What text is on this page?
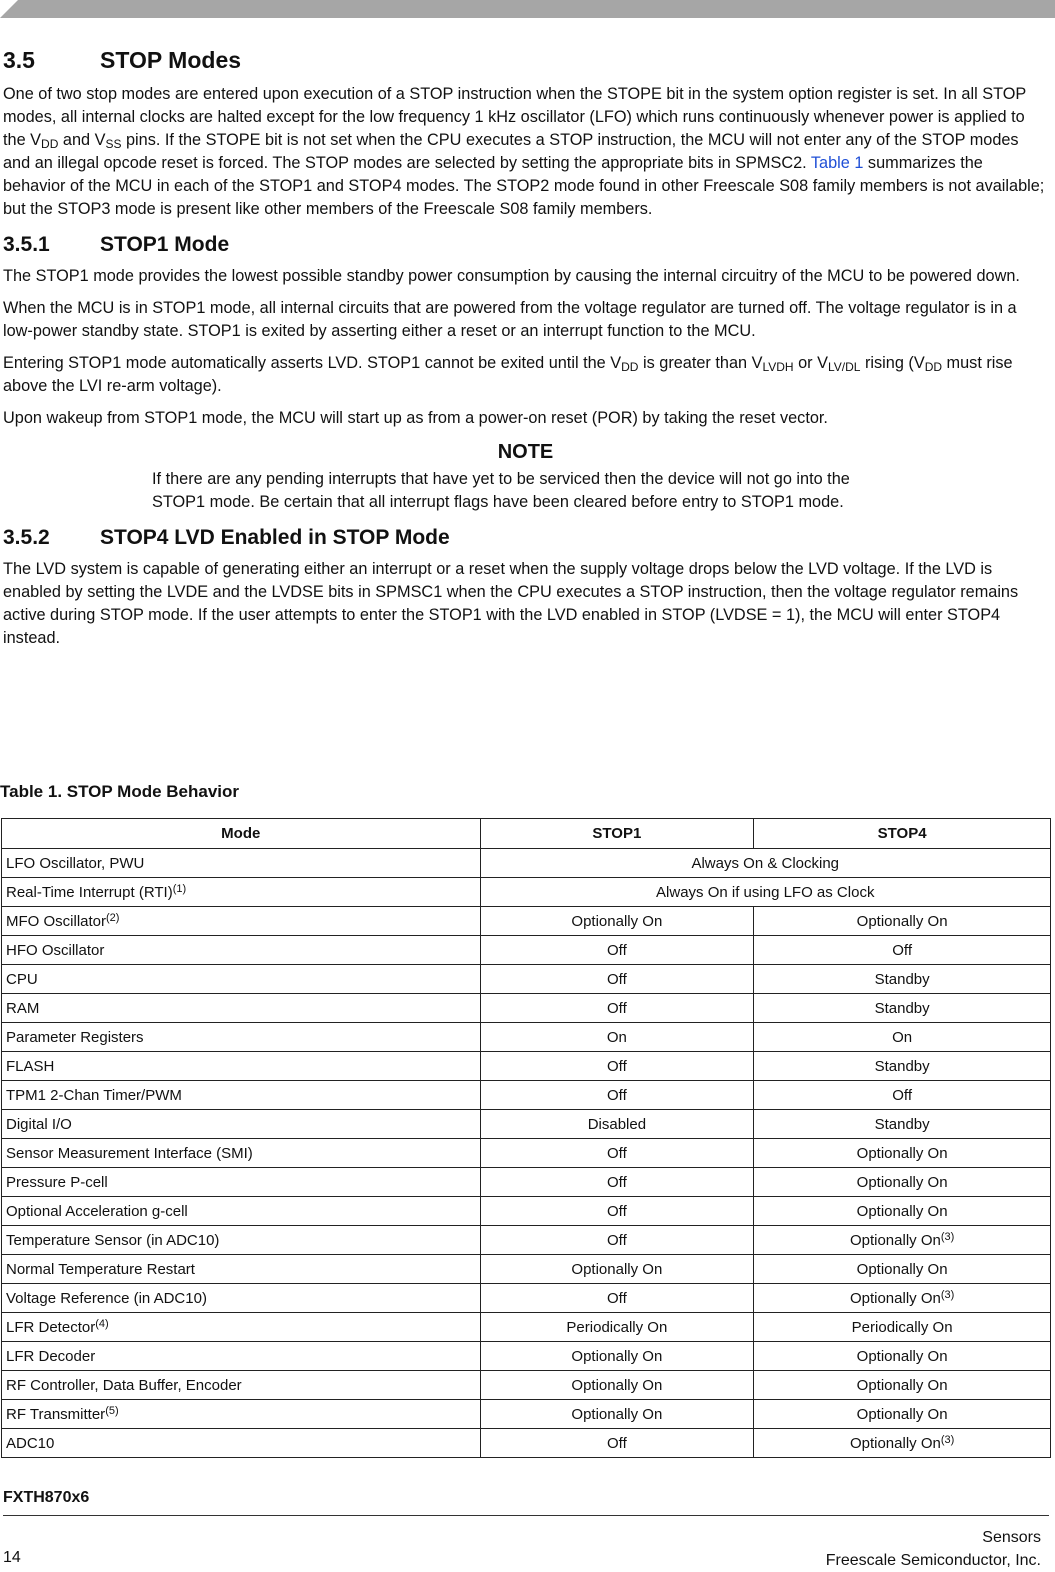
3.5	STOP Modes

One of two stop modes are entered upon execution of a STOP instruction when the STOPE bit in the system option register is set. In all STOP modes, all internal clocks are halted except for the low frequency 1 kHz oscillator (LFO) which runs continuously whenever power is applied to the $V_{DD}$ and $V_{SS}$ pins. If the STOPE bit is not set when the CPU executes a STOP instruction, the MCU will not enter any of the STOP modes and an illegal opcode reset is forced. The STOP modes are selected by setting the appropriate bits in SPMSC2. Table 1 summarizes the behavior of the MCU in each of the STOP1 and STOP4 modes. The STOP2 mode found in other Freescale S08 family members is not available; but the STOP3 mode is present like other members of the Freescale S08 family members.

3.5.1 STOP1 Mode

The STOP1 mode provides the lowest possible standby power consumption by causing the internal circuitry of the MCU to be powered down.

When the MCU is in STOP1 mode, all internal circuits that are powered from the voltage regulator are turned off. The voltage regulator is in a low-power standby state. STOP1 is exited by asserting either a reset or an interrupt function to the MCU.

Entering STOP1 mode automatically asserts LVD. STOP1 cannot be exited until the $V_{DD}$ is greater than $V_{LVDH}$ or $V_{LV/DL}$ rising ($V_{DD}$ must rise above the LVI re-arm voltage).

Upon wakeup from STOP1 mode, the MCU will start up as from a power-on reset (POR) by taking the reset vector.

NOTE
If there are any pending interrupts that have yet to be serviced then the device will not go into the STOP1 mode. Be certain that all interrupt flags have been cleared before entry to STOP1 mode.
3.5.2 STOP4 LVD Enabled in STOP Mode

The LVD system is capable of generating either an interrupt or a reset when the supply voltage drops below the LVD voltage. If the LVD is enabled by setting the LVDE and the LVDSE bits in SPMSC1 when the CPU executes a STOP instruction, then the voltage regulator remains active during STOP mode. If the user attempts to enter the STOP1 with the LVD enabled in STOP (LVDSE = 1), the MCU will enter STOP4 instead.

Table 1. STOP Mode Behavior
Mode	STOP1	STOP4
LFO Oscillator, PWU	Always On & Clocking	
Real-Time Interrupt (RTI)$^{(1)}$	Always On if using LFO as Clock	
MFO Oscillator$^{(2)}$	Optionally On	Optionally On
HFO Oscillator	Off	Off
CPU	Off	Standby
RAM	Off	Standby
Parameter Registers	On	On
FLASH	Off	Standby
TPM1 2-Chan Timer/PWM	Off	Off
Digital I/O	Disabled	Standby
Sensor Measurement Interface (SMI)	Off	Optionally On
Pressure P-cell	Off	Optionally On
Optional Acceleration g-cell	Off	Optionally On
Temperature Sensor (in ADC10)	Off	Optionally On$^{(3)}$
Normal Temperature Restart	Optionally On	Optionally On
Voltage Reference (in ADC10)	Off	Optionally On$^{(3)}$
LFR Detector$^{(4)}$	Periodically On	Periodically On
LFR Decoder	Optionally On	Optionally On
RF Controller, Data Buffer, Encoder	Optionally On	Optionally On
RF Transmitter$^{(5)}$	Optionally On	Optionally On
ADC10	Off	Optionally On$^{(3)}$
FXTH870x6
14
Sensors
Freescale Semiconductor, Inc.
